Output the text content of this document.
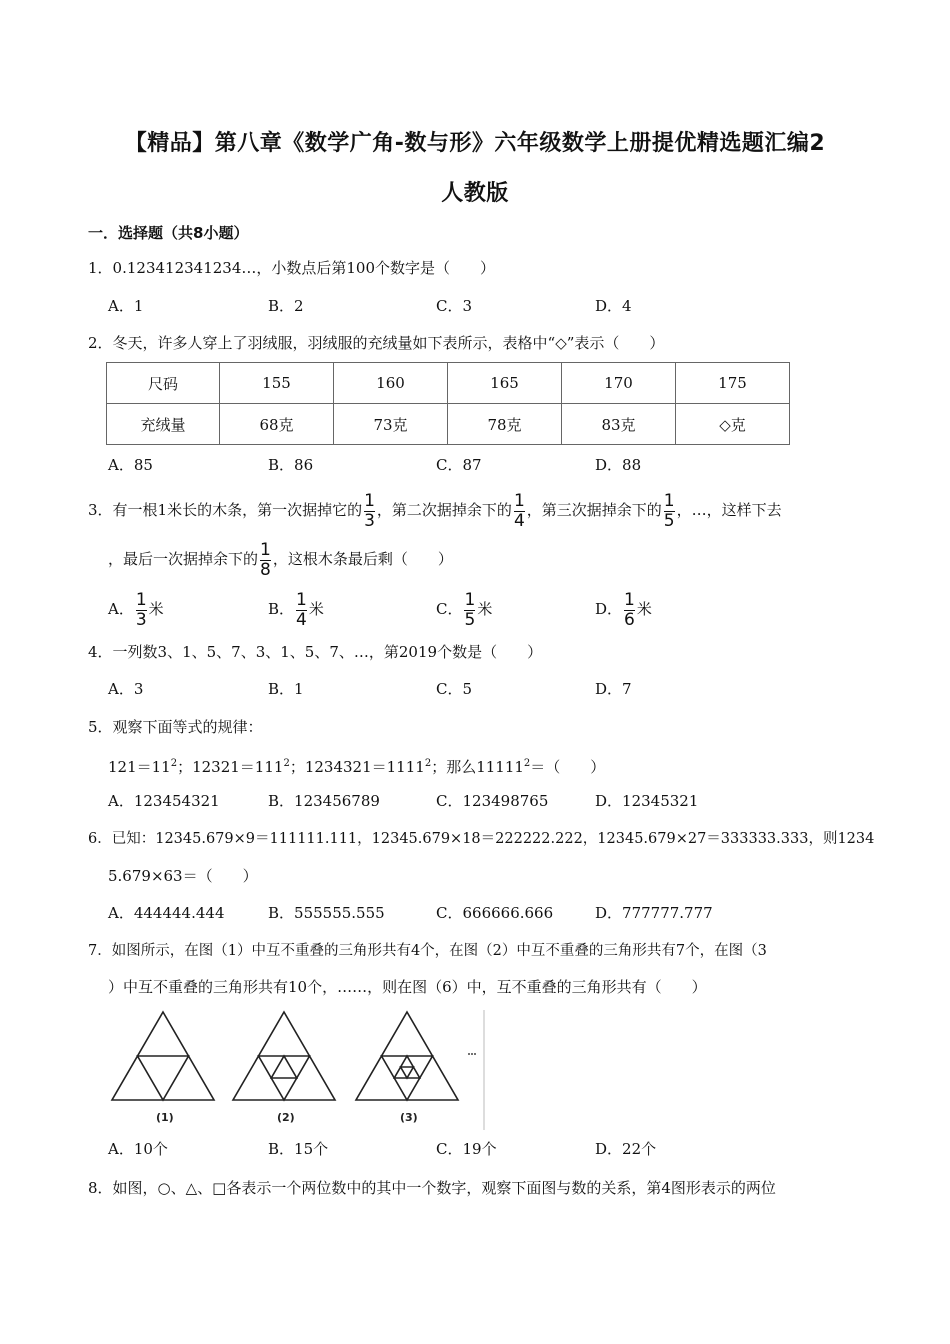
【精品】第八章《数学广角-数与形》六年级数学上册提优精选题汇编2
人教版
一．选择题（共8小题）
1．0.123412341234…，小数点后第100个数字是（　　）
A．1	B．2	C．3	D．4
2．冬天，许多人穿上了羽绒服，羽绒服的充绒量如下表所示，表格中“◇”表示（　　）
尺码	155	160	165	170	175
充绒量	68克	73克	78克	83克	◇克
A．85	B．86	C．87	D．88
3．有一根1米长的木条，第一次据掉它的 $\frac{1}{3}$ ，第二次据掉余下的 $\frac{1}{4}$ ，第三次据掉余下的 $\frac{1}{5}$ ，…，这样下去
，最后一次据掉余下的 $\frac{1}{8}$ ，这根木条最后剩（　　）
A． $\frac{1}{3}$ 米	B． $\frac{1}{4}$ 米	C． $\frac{1}{5}$ 米	D． $\frac{1}{6}$ 米
4．一列数3、1、5、7、3、1、5、7、…，第2019个数是（　　）
A．3	B．1	C．5	D．7
5．观察下面等式的规律：
$121=11^2$；$12321=111^2$；$1234321=1111^2$；那么$11111^2=$（　　）
A．123454321	B．123456789	C．123498765	D．12345321
6．已知：12345.679×9＝111111.111，12345.679×18＝222222.222，12345.679×27＝333333.333，则1234
5.679×63＝（　　）
A．444444.444	B．555555.555	C．666666.666	D．777777.777
7．如图所示，在图（1）中互不重叠的三角形共有4个，在图（2）中互不重叠的三角形共有7个，在图（3
）中互不重叠的三角形共有10个，……，则在图（6）中，互不重叠的三角形共有（　　）
(1)	(2)	(3)
A．10个	B．15个	C．19个	D．22个
8．如图，○、△、□各表示一个两位数中的其中一个数字，观察下面图与数的关系，第4图形表示的两位
